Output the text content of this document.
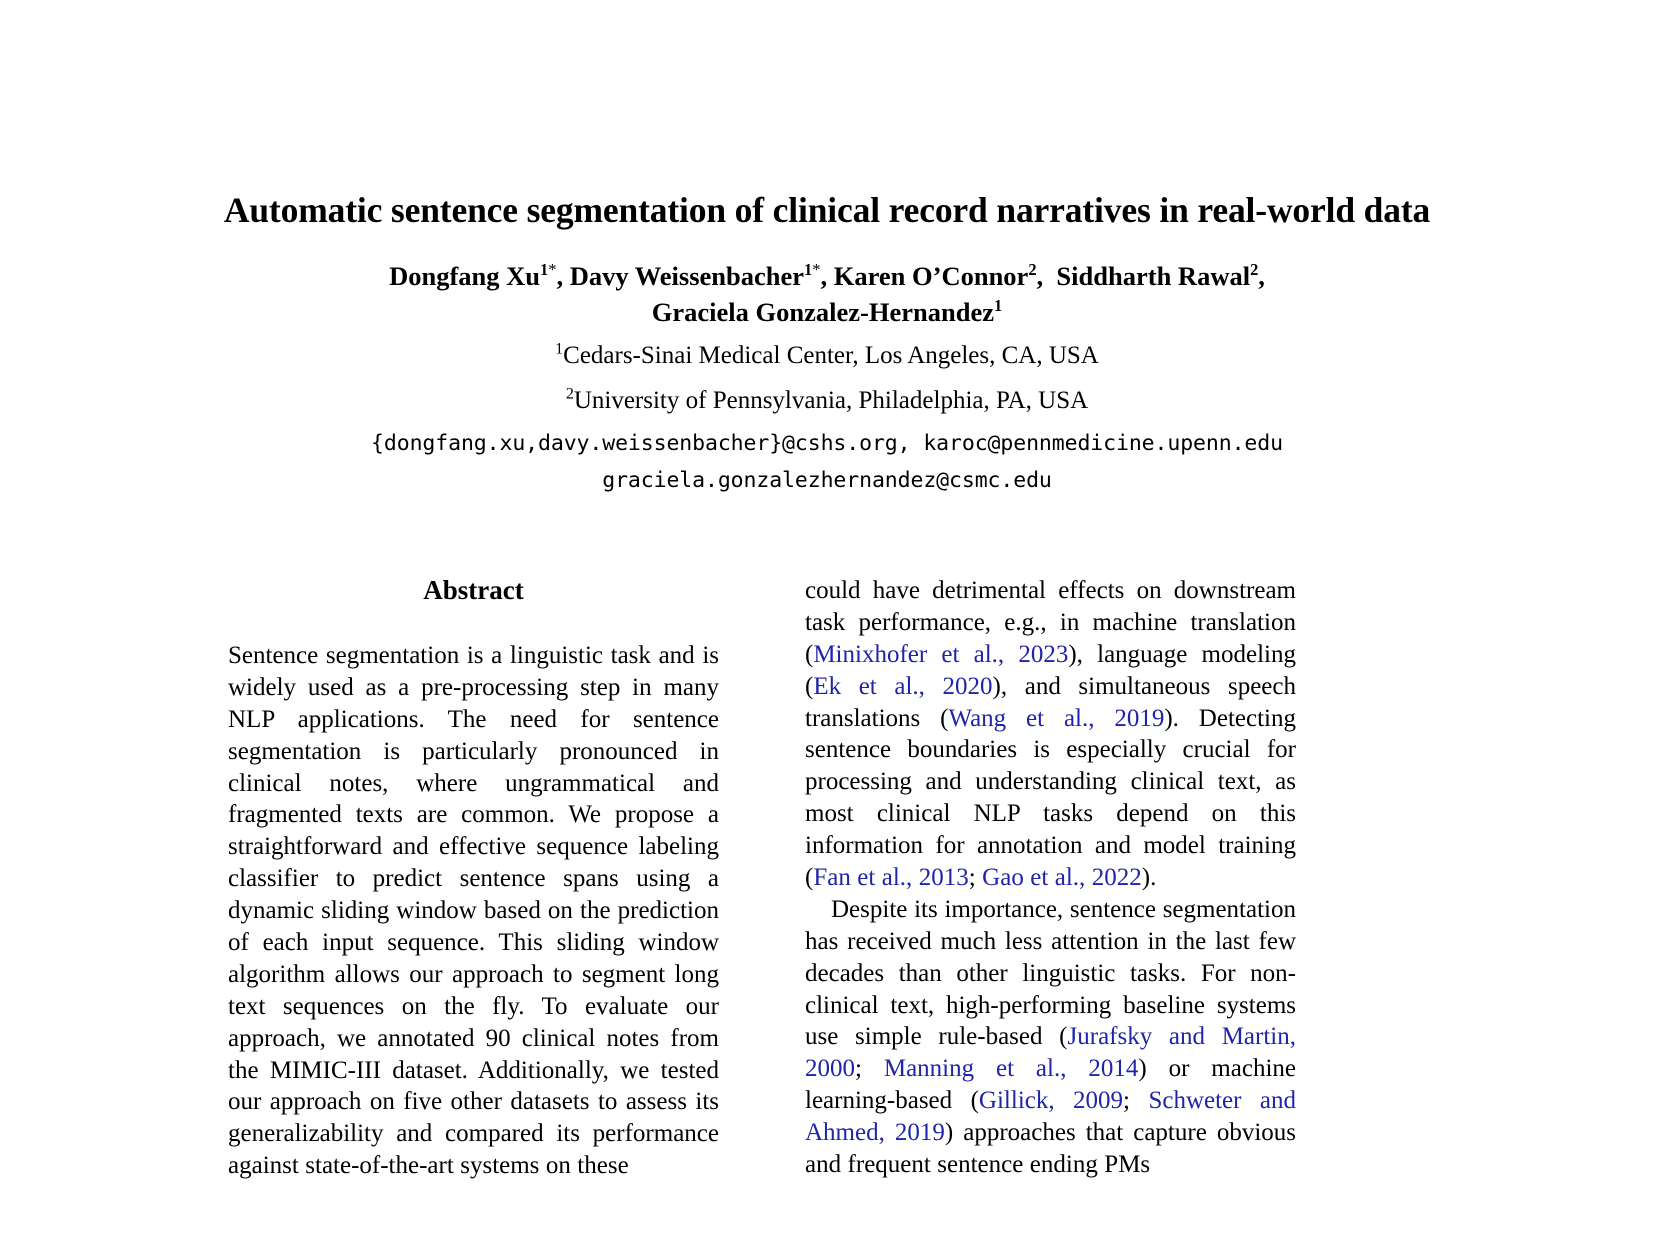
Automatic sentence segmentation of clinical record narratives in real-world data
Dongfang $Xu^{1*}$, Davy Weissenbacher$^{1*}$, Karen O’Connor$^2$,  Siddharth Rawal$^2$,
Graciela Gonzalez-Hernandez$^1$
$^1$Cedars-Sinai Medical Center, Los Angeles, CA, USA
$^2$University of Pennsylvania, Philadelphia, PA, USA
{dongfang.xu,davy.weissenbacher}@cshs.org, karoc@pennmedicine.upenn.edu
graciela.gonzalezhernandez@csmc.edu
Abstract

Sentence segmentation is a linguistic task and is widely used as a pre-processing step in many NLP applications. The need for sentence segmentation is particularly pronounced in clinical notes, where ungrammatical and fragmented texts are common. We propose a straightforward and effective sequence labeling classifier to predict sentence spans using a dynamic sliding window based on the prediction of each input sequence. This sliding window algorithm allows our approach to segment long text sequences on the fly. To evaluate our approach, we annotated 90 clinical notes from the MIMIC-III dataset. Additionally, we tested our approach on five other datasets to assess its generalizability and compared its performance against state-of-the-art systems on these

could have detrimental effects on downstream task performance, e.g., in machine translation (Minixhofer et al., 2023), language modeling (Ek et al., 2020), and simultaneous speech translations (Wang et al., 2019). Detecting sentence boundaries is especially crucial for processing and understanding clinical text, as most clinical NLP tasks depend on this information for annotation and model training (Fan et al., 2013; Gao et al., 2022).

Despite its importance, sentence segmentation has received much less attention in the last few decades than other linguistic tasks. For non-clinical text, high-performing baseline systems use simple rule-based (Jurafsky and Martin, 2000; Manning et al., 2014) or machine learning-based (Gillick, 2009; Schweter and Ahmed, 2019) approaches that capture obvious and frequent sentence ending PMs
